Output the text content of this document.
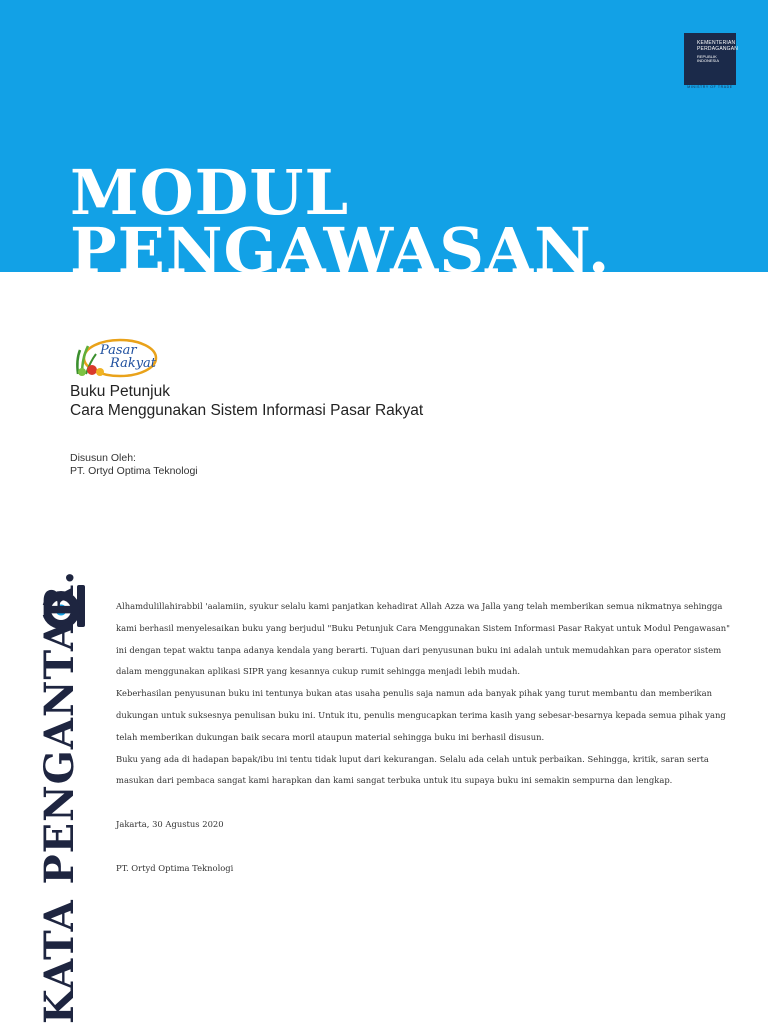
MODUL
PENGAWASAN.
KEMENTERIAN
PERDAGANGAN
REPUBLIK INDONESIA
MINISTRY OF TRADE
Pasar
Rakyat
Buku Petunjuk
Cara Menggunakan Sistem Informasi Pasar Rakyat
Disusun Oleh:
PT. Ortyd Optima Teknologi
KATA PENGANTAR.	Alhamdulillahirabbil 'aalamiin, syukur selalu kami panjatkan kehadirat Allah Azza wa Jalla yang telah memberikan semua nikmatnya sehingga kami berhasil menyelesaikan buku yang berjudul "Buku Petunjuk Cara Menggunakan Sistem Informasi Pasar Rakyat untuk Modul Pengawasan" ini dengan tepat waktu tanpa adanya kendala yang berarti. Tujuan dari penyusunan buku ini adalah untuk memudahkan para operator sistem dalam menggunakan aplikasi SIPR yang kesannya cukup rumit sehingga menjadi lebih mudah.

Keberhasilan penyusunan buku ini tentunya bukan atas usaha penulis saja namun ada banyak pihak yang turut membantu dan memberikan dukungan untuk suksesnya penulisan buku ini. Untuk itu, penulis mengucapkan terima kasih yang sebesar-besarnya kepada semua pihak yang telah memberikan dukungan baik secara moril ataupun material sehingga buku ini berhasil disusun.

Buku yang ada di hadapan bapak/ibu ini tentu tidak luput dari kekurangan. Selalu ada celah untuk perbaikan. Sehingga, kritik, saran serta masukan dari pembaca sangat kami harapkan dan kami sangat terbuka untuk itu supaya buku ini semakin sempurna dan lengkap.

Jakarta, 30 Agustus 2020

PT. Ortyd Optima Teknologi
